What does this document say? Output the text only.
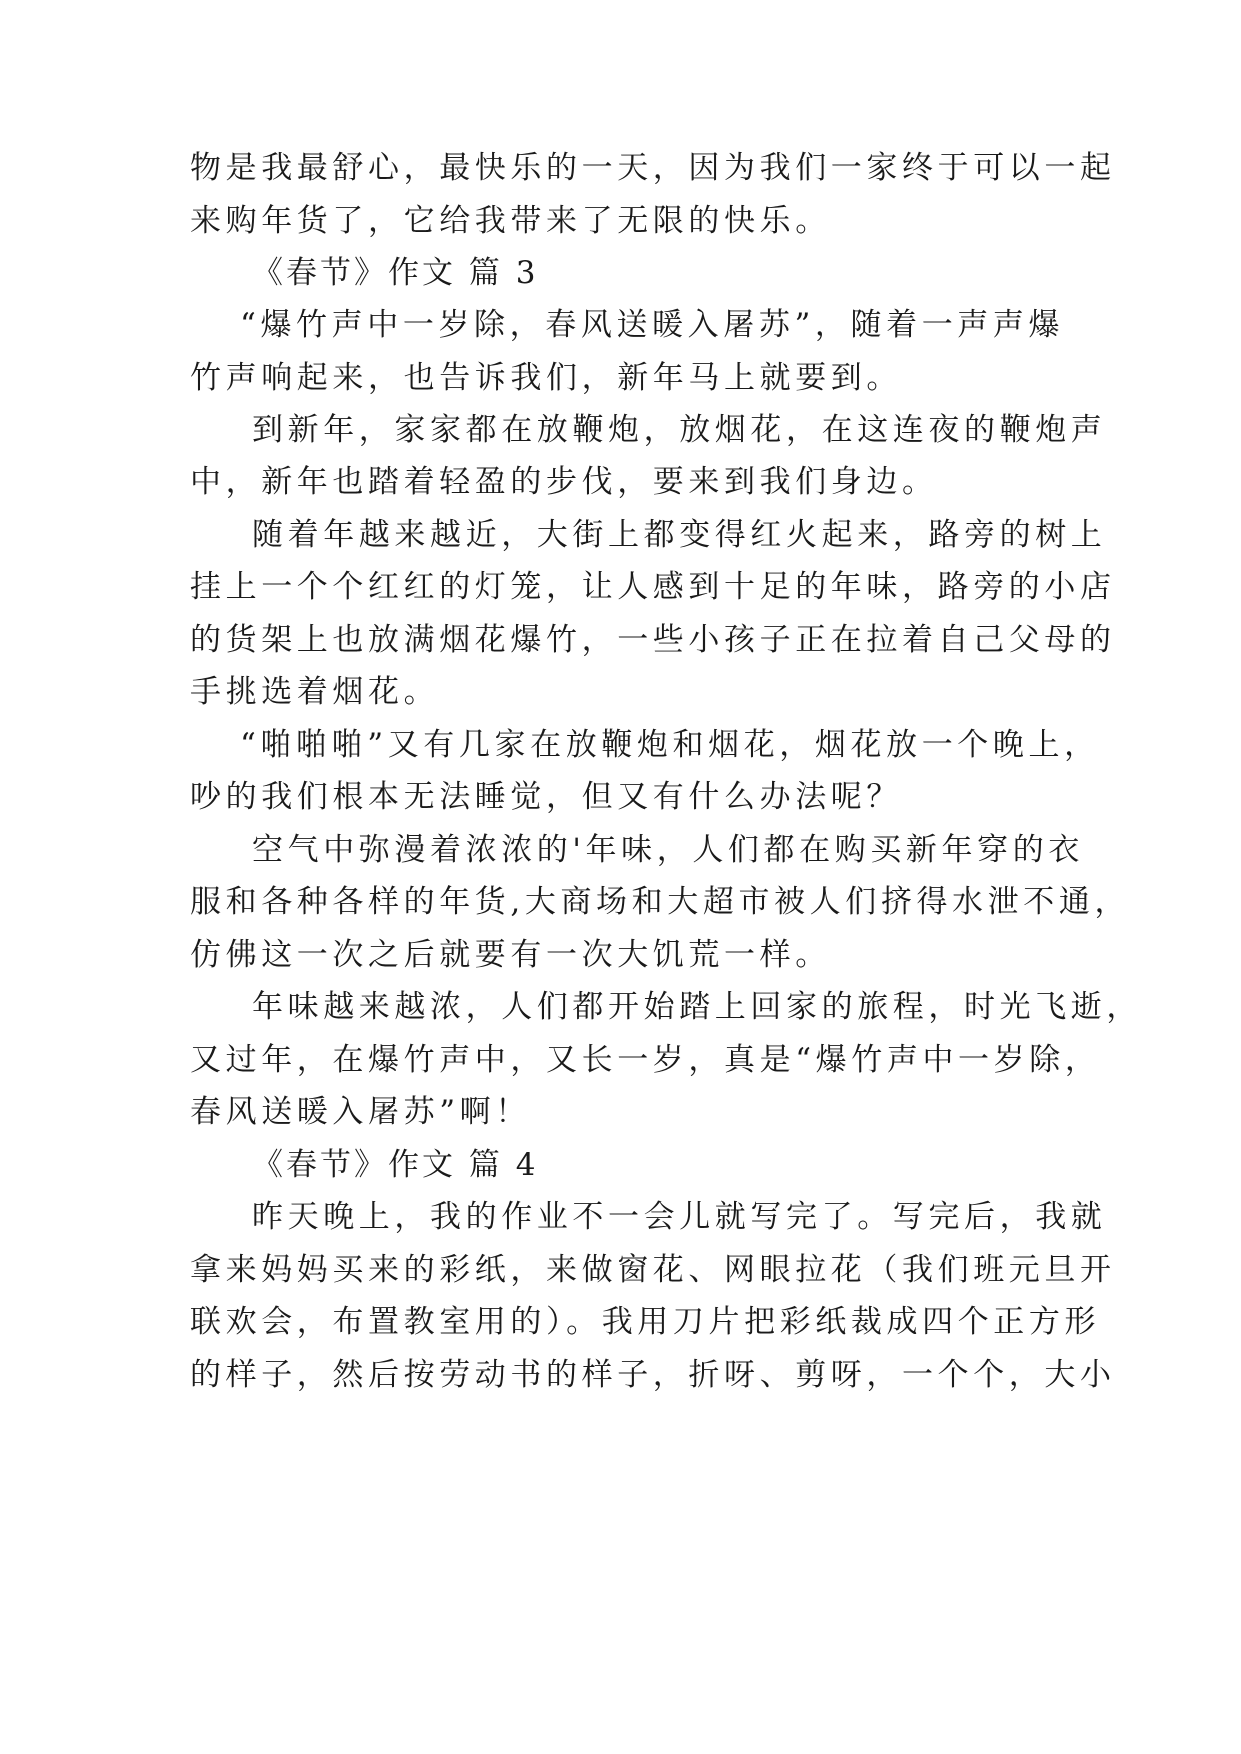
物是我最舒心，最快乐的一天，因为我们一家终于可以一起

来购年货了，它给我带来了无限的快乐。

《春节》作文 篇 3

“爆竹声中一岁除，春风送暖入屠苏”，随着一声声爆

竹声响起来，也告诉我们，新年马上就要到。

到新年，家家都在放鞭炮，放烟花，在这连夜的鞭炮声

中，新年也踏着轻盈的步伐，要来到我们身边。

随着年越来越近，大街上都变得红火起来，路旁的树上

挂上一个个红红的灯笼，让人感到十足的年味，路旁的小店

的货架上也放满烟花爆竹，一些小孩子正在拉着自己父母的

手挑选着烟花。

“啪啪啪”又有几家在放鞭炮和烟花，烟花放一个晚上，

吵的我们根本无法睡觉，但又有什么办法呢？

空气中弥漫着浓浓的'年味，人们都在购买新年穿的衣

服和各种各样的年货,大商场和大超市被人们挤得水泄不通，

仿佛这一次之后就要有一次大饥荒一样。

年味越来越浓，人们都开始踏上回家的旅程，时光飞逝，

又过年，在爆竹声中，又长一岁，真是“爆竹声中一岁除，

春风送暖入屠苏”啊！

《春节》作文 篇 4

昨天晚上，我的作业不一会儿就写完了。写完后，我就

拿来妈妈买来的彩纸，来做窗花、网眼拉花（我们班元旦开

联欢会，布置教室用的）。我用刀片把彩纸裁成四个正方形

的样子，然后按劳动书的样子，折呀、剪呀，一个个，大小
